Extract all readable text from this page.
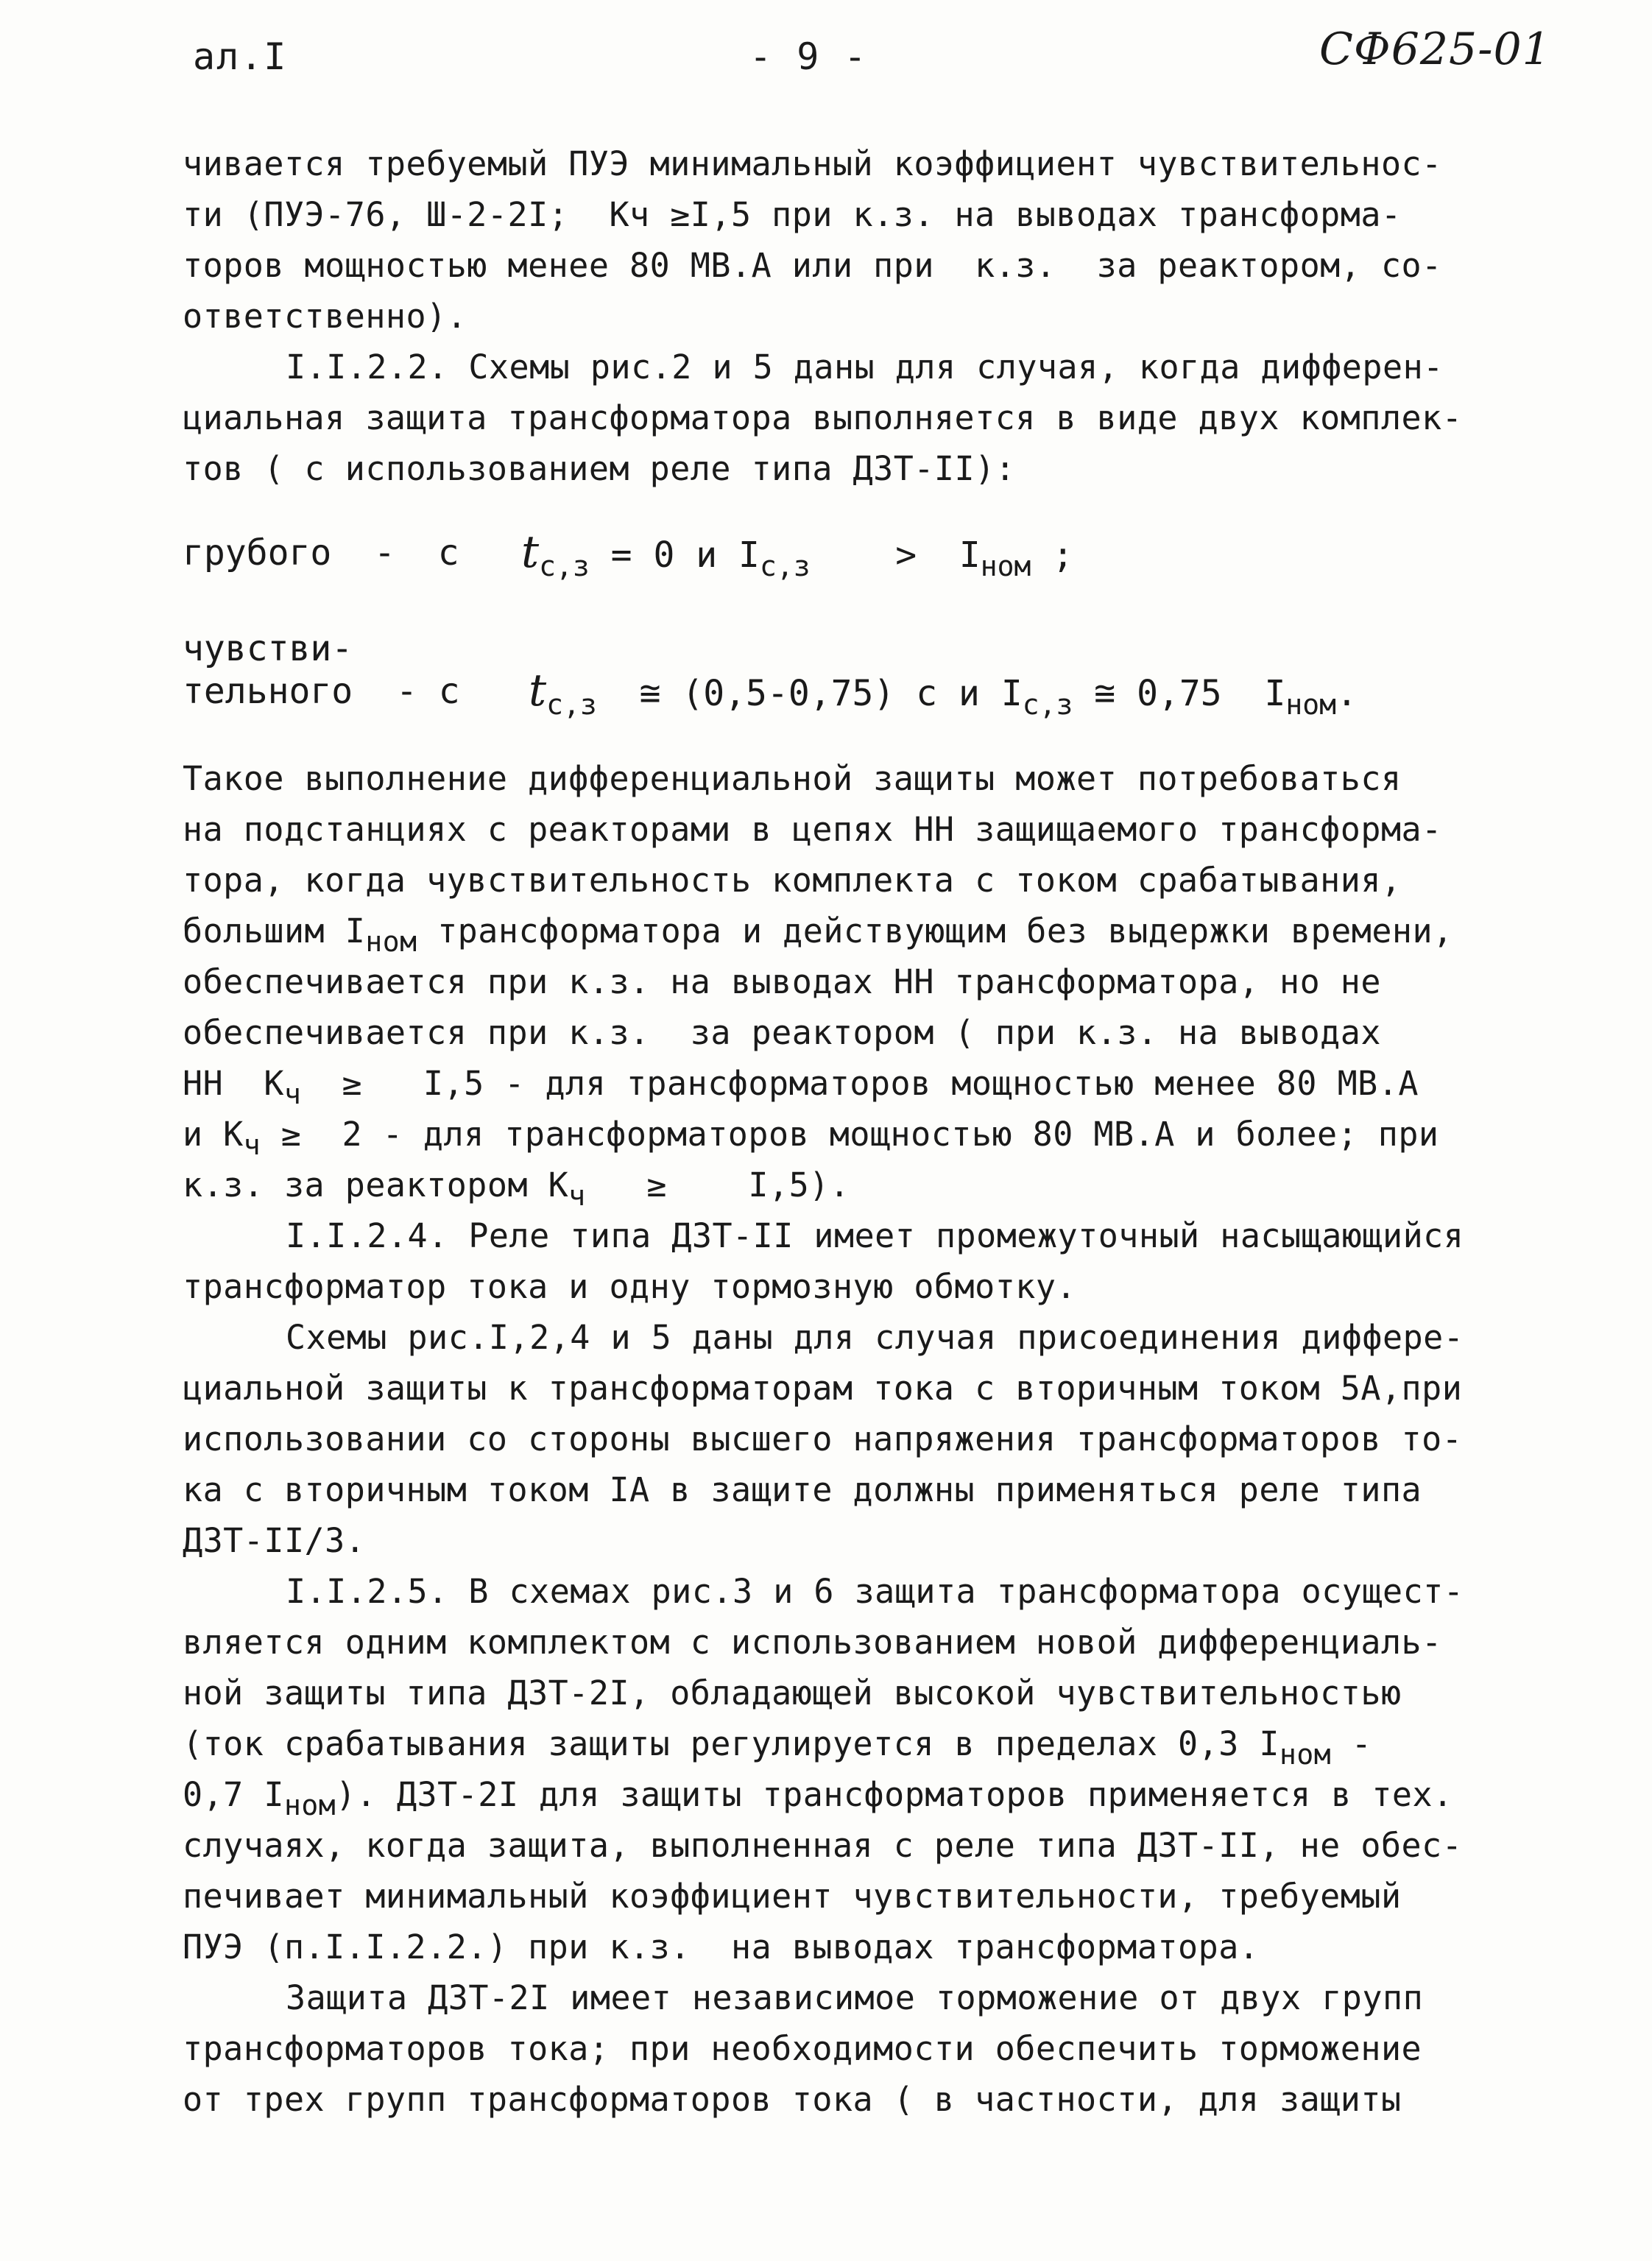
ал.I	- 9 -	СФ625-01

чивается требуемый ПУЭ минимальный коэффициент чувствительнос-

ти (ПУЭ-76, Ш-2-2I;  Кч ≥I,5 при к.з. на выводах трансформа-

торов мощностью менее 80 МВ.А или при  к.з.  за реактором, со-

ответственно).

I.I.2.2. Схемы рис.2 и 5 даны для случая, когда дифферен-

циальная защита трансформатора выполняется в виде двух комплек-

тов ( с использованием реле типа ДЗТ-II):

грубого -  с $t_{с,з} = 0$ и $I_{с,з}$    >  $I_{ном}$ ;
чувстви-
тельного - с $t_{с,з}$  ≅ (0,5-0,75) с и $I_{с,з}$ ≅ 0,75  $I_{ном}$.

Такое выполнение дифференциальной защиты может потребоваться

на подстанциях с реакторами в цепях НН защищаемого трансформа-

тора, когда чувствительность комплекта с током срабатывания,

большим $I_{ном}$ трансформатора и действующим без выдержки времени,

обеспечивается при к.з. на выводах НН трансформатора, но не

обеспечивается при к.з.  за реактором ( при к.з. на выводах

НН  $К_ч \ge I,5$ - для трансформаторов мощностью менее 80 МВ.А

и $К_ч \ge 2$ - для трансформаторов мощностью 80 МВ.А и более; при

к.з. за реактором $К_ч$   ≥    I,5).

I.I.2.4. Реле типа ДЗТ-II имеет промежуточный насыщающийся

трансформатор тока и одну тормозную обмотку.

Схемы рис.I,2,4 и 5 даны для случая присоединения диффере-

циальной защиты к трансформаторам тока с вторичным током 5А,при

использовании со стороны высшего напряжения трансформаторов то-

ка с вторичным током IА в защите должны применяться реле типа

ДЗТ-II/3.

I.I.2.5. В схемах рис.3 и 6 защита трансформатора осущест-

вляется одним комплектом с использованием новой дифференциаль-

ной защиты типа ДЗТ-2I, обладающей высокой чувствительностью

(ток срабатывания защиты регулируется в пределах 0,3 $I_{ном}$ -

0,7 $I_{ном}$). ДЗТ-2I для защиты трансформаторов применяется в тех.

случаях, когда защита, выполненная с реле типа ДЗТ-II, не обес-

печивает минимальный коэффициент чувствительности, требуемый

ПУЭ (п.I.I.2.2.) при к.з.  на выводах трансформатора.

Защита ДЗТ-2I имеет независимое торможение от двух групп

трансформаторов тока; при необходимости обеспечить торможение

от трех групп трансформаторов тока ( в частности, для защиты
